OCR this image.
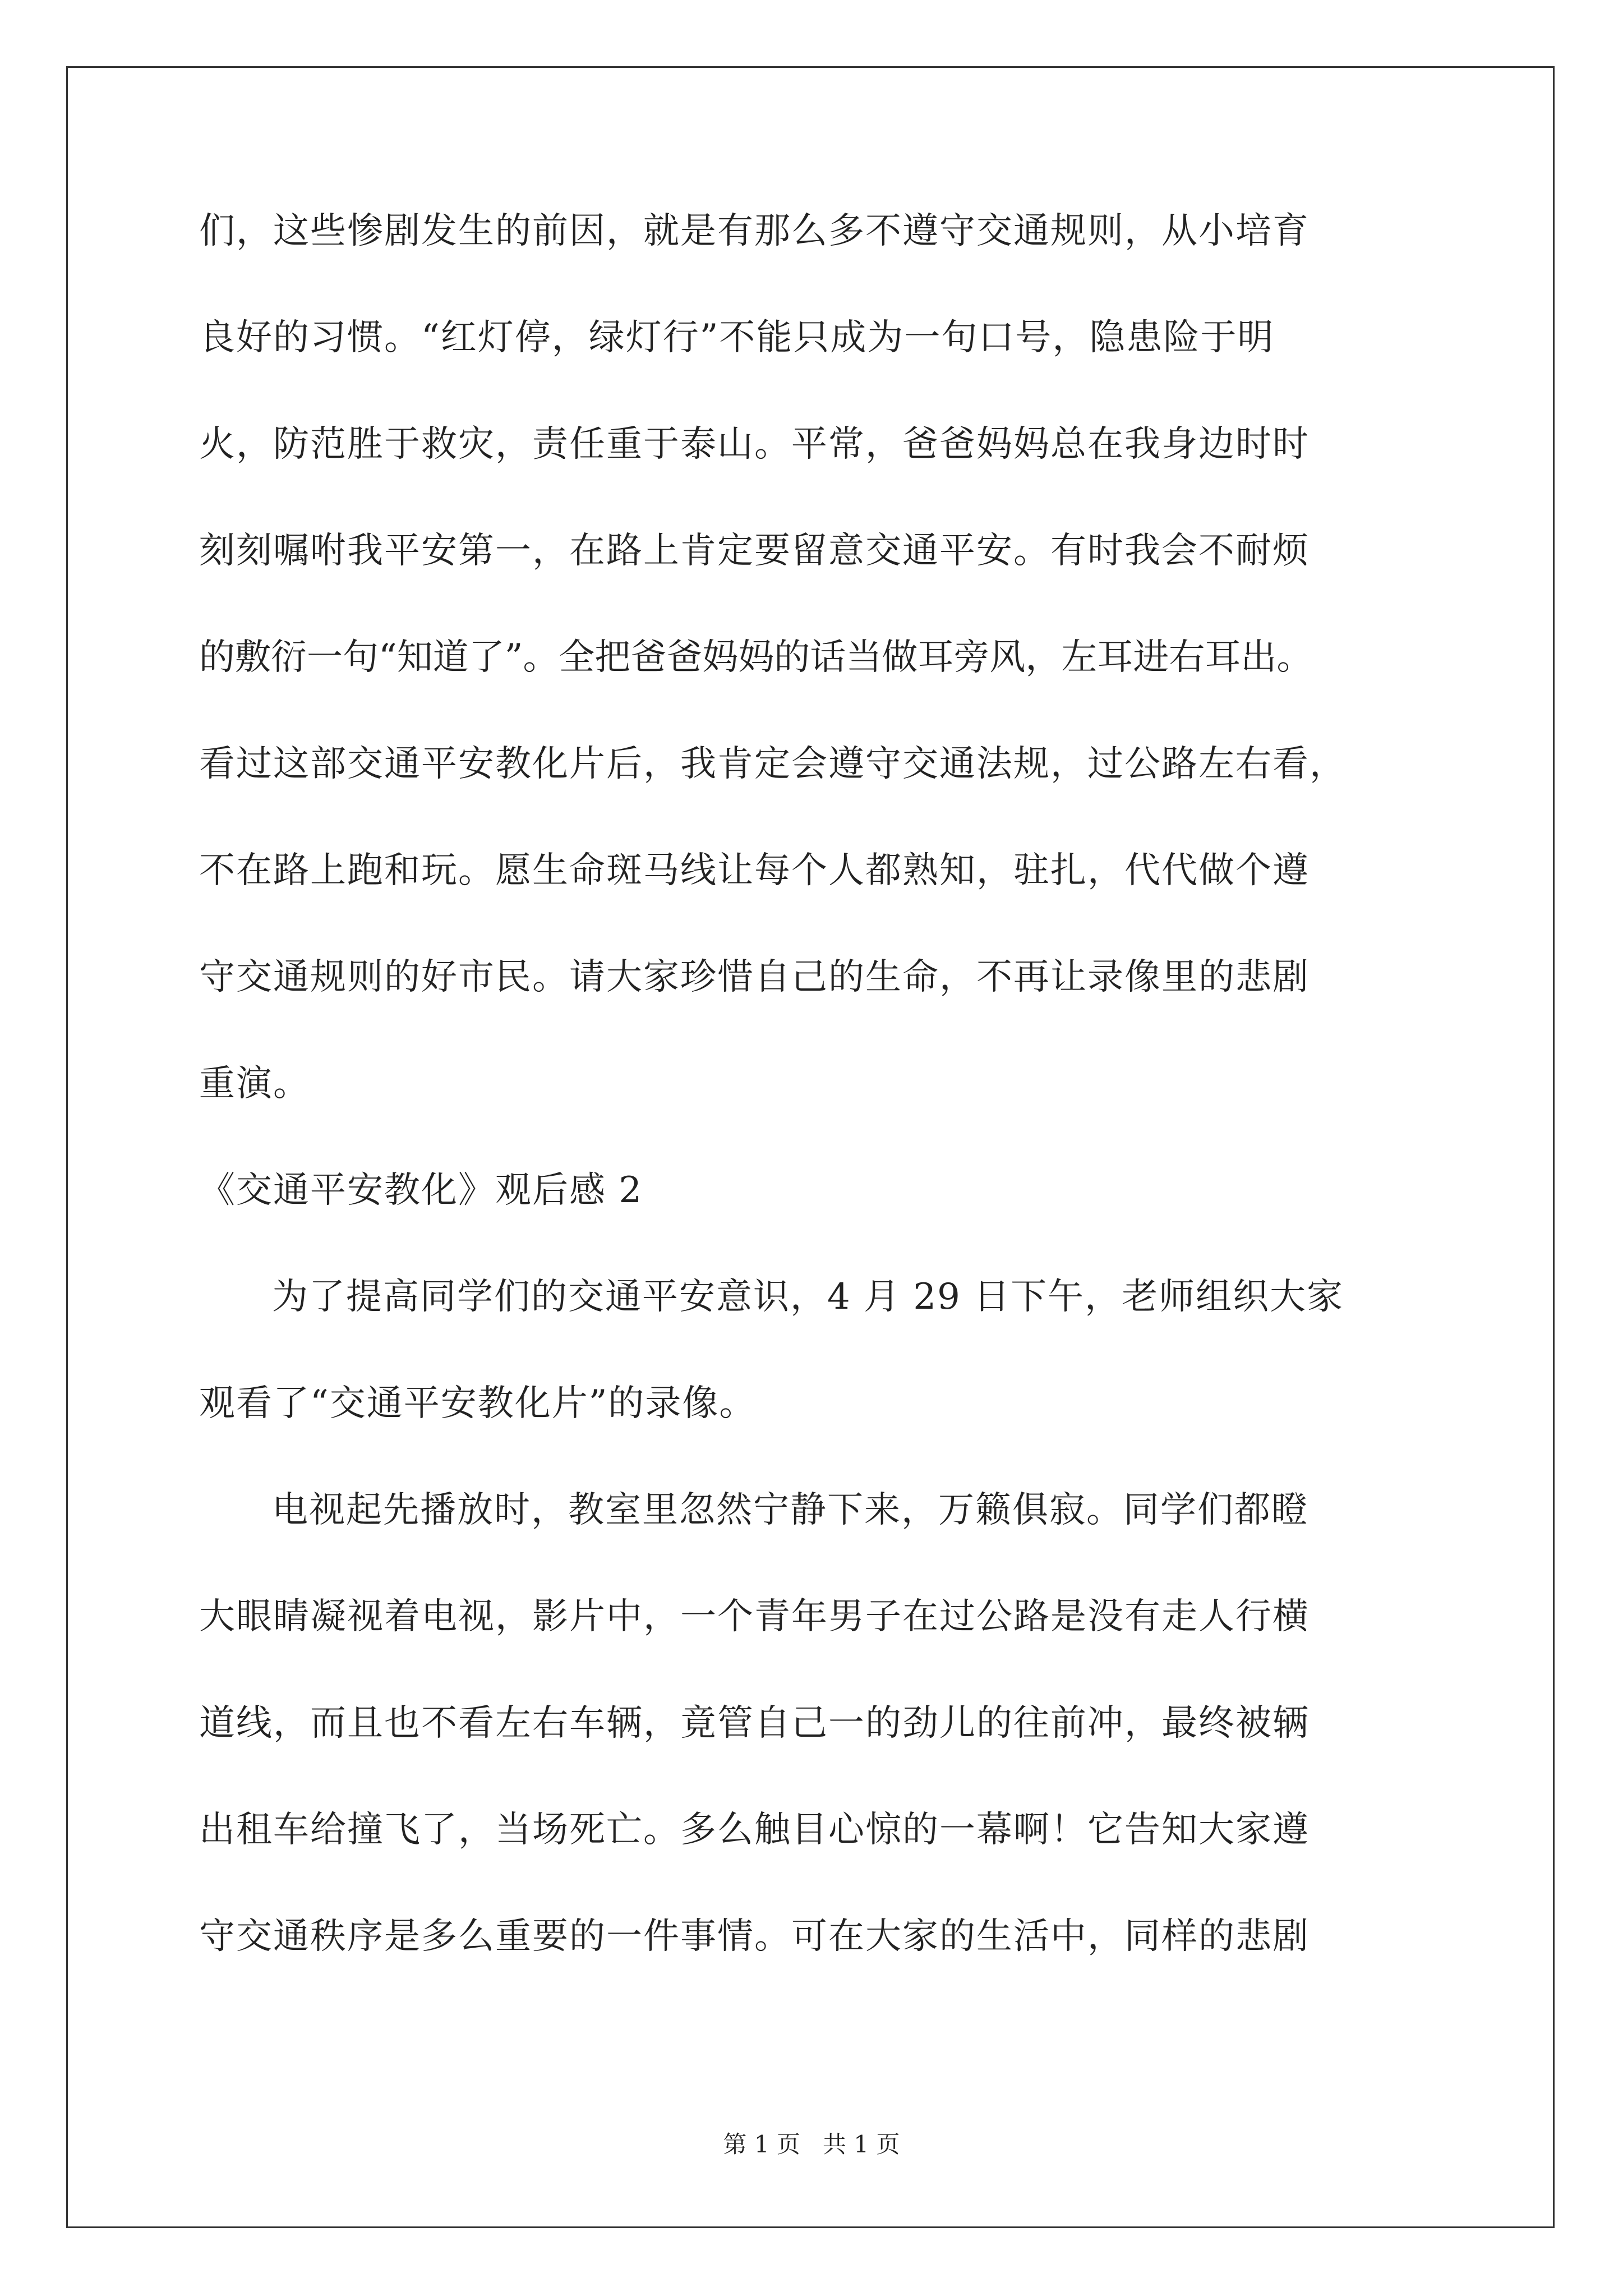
们，这些惨剧发生的前因，就是有那么多不遵守交通规则，从小培育
良好的习惯。“红灯停，绿灯行”不能只成为一句口号，隐患险于明
火，防范胜于救灾，责任重于泰山。平常，爸爸妈妈总在我身边时时
刻刻嘱咐我平安第一，在路上肯定要留意交通平安。有时我会不耐烦
的敷衍一句“知道了”。全把爸爸妈妈的话当做耳旁风，左耳进右耳出。
看过这部交通平安教化片后，我肯定会遵守交通法规，过公路左右看，
不在路上跑和玩。愿生命斑马线让每个人都熟知，驻扎，代代做个遵
守交通规则的好市民。请大家珍惜自己的生命，不再让录像里的悲剧
重演。
《交通平安教化》观后感 2
为了提高同学们的交通平安意识，4 月 29 日下午，老师组织大家
观看了“交通平安教化片”的录像。
电视起先播放时，教室里忽然宁静下来，万籁俱寂。同学们都瞪
大眼睛凝视着电视，影片中，一个青年男子在过公路是没有走人行横
道线，而且也不看左右车辆，竟管自己一的劲儿的往前冲，最终被辆
出租车给撞飞了，当场死亡。多么触目心惊的一幕啊！它告知大家遵
守交通秩序是多么重要的一件事情。可在大家的生活中，同样的悲剧
第 1 页   共 1 页
